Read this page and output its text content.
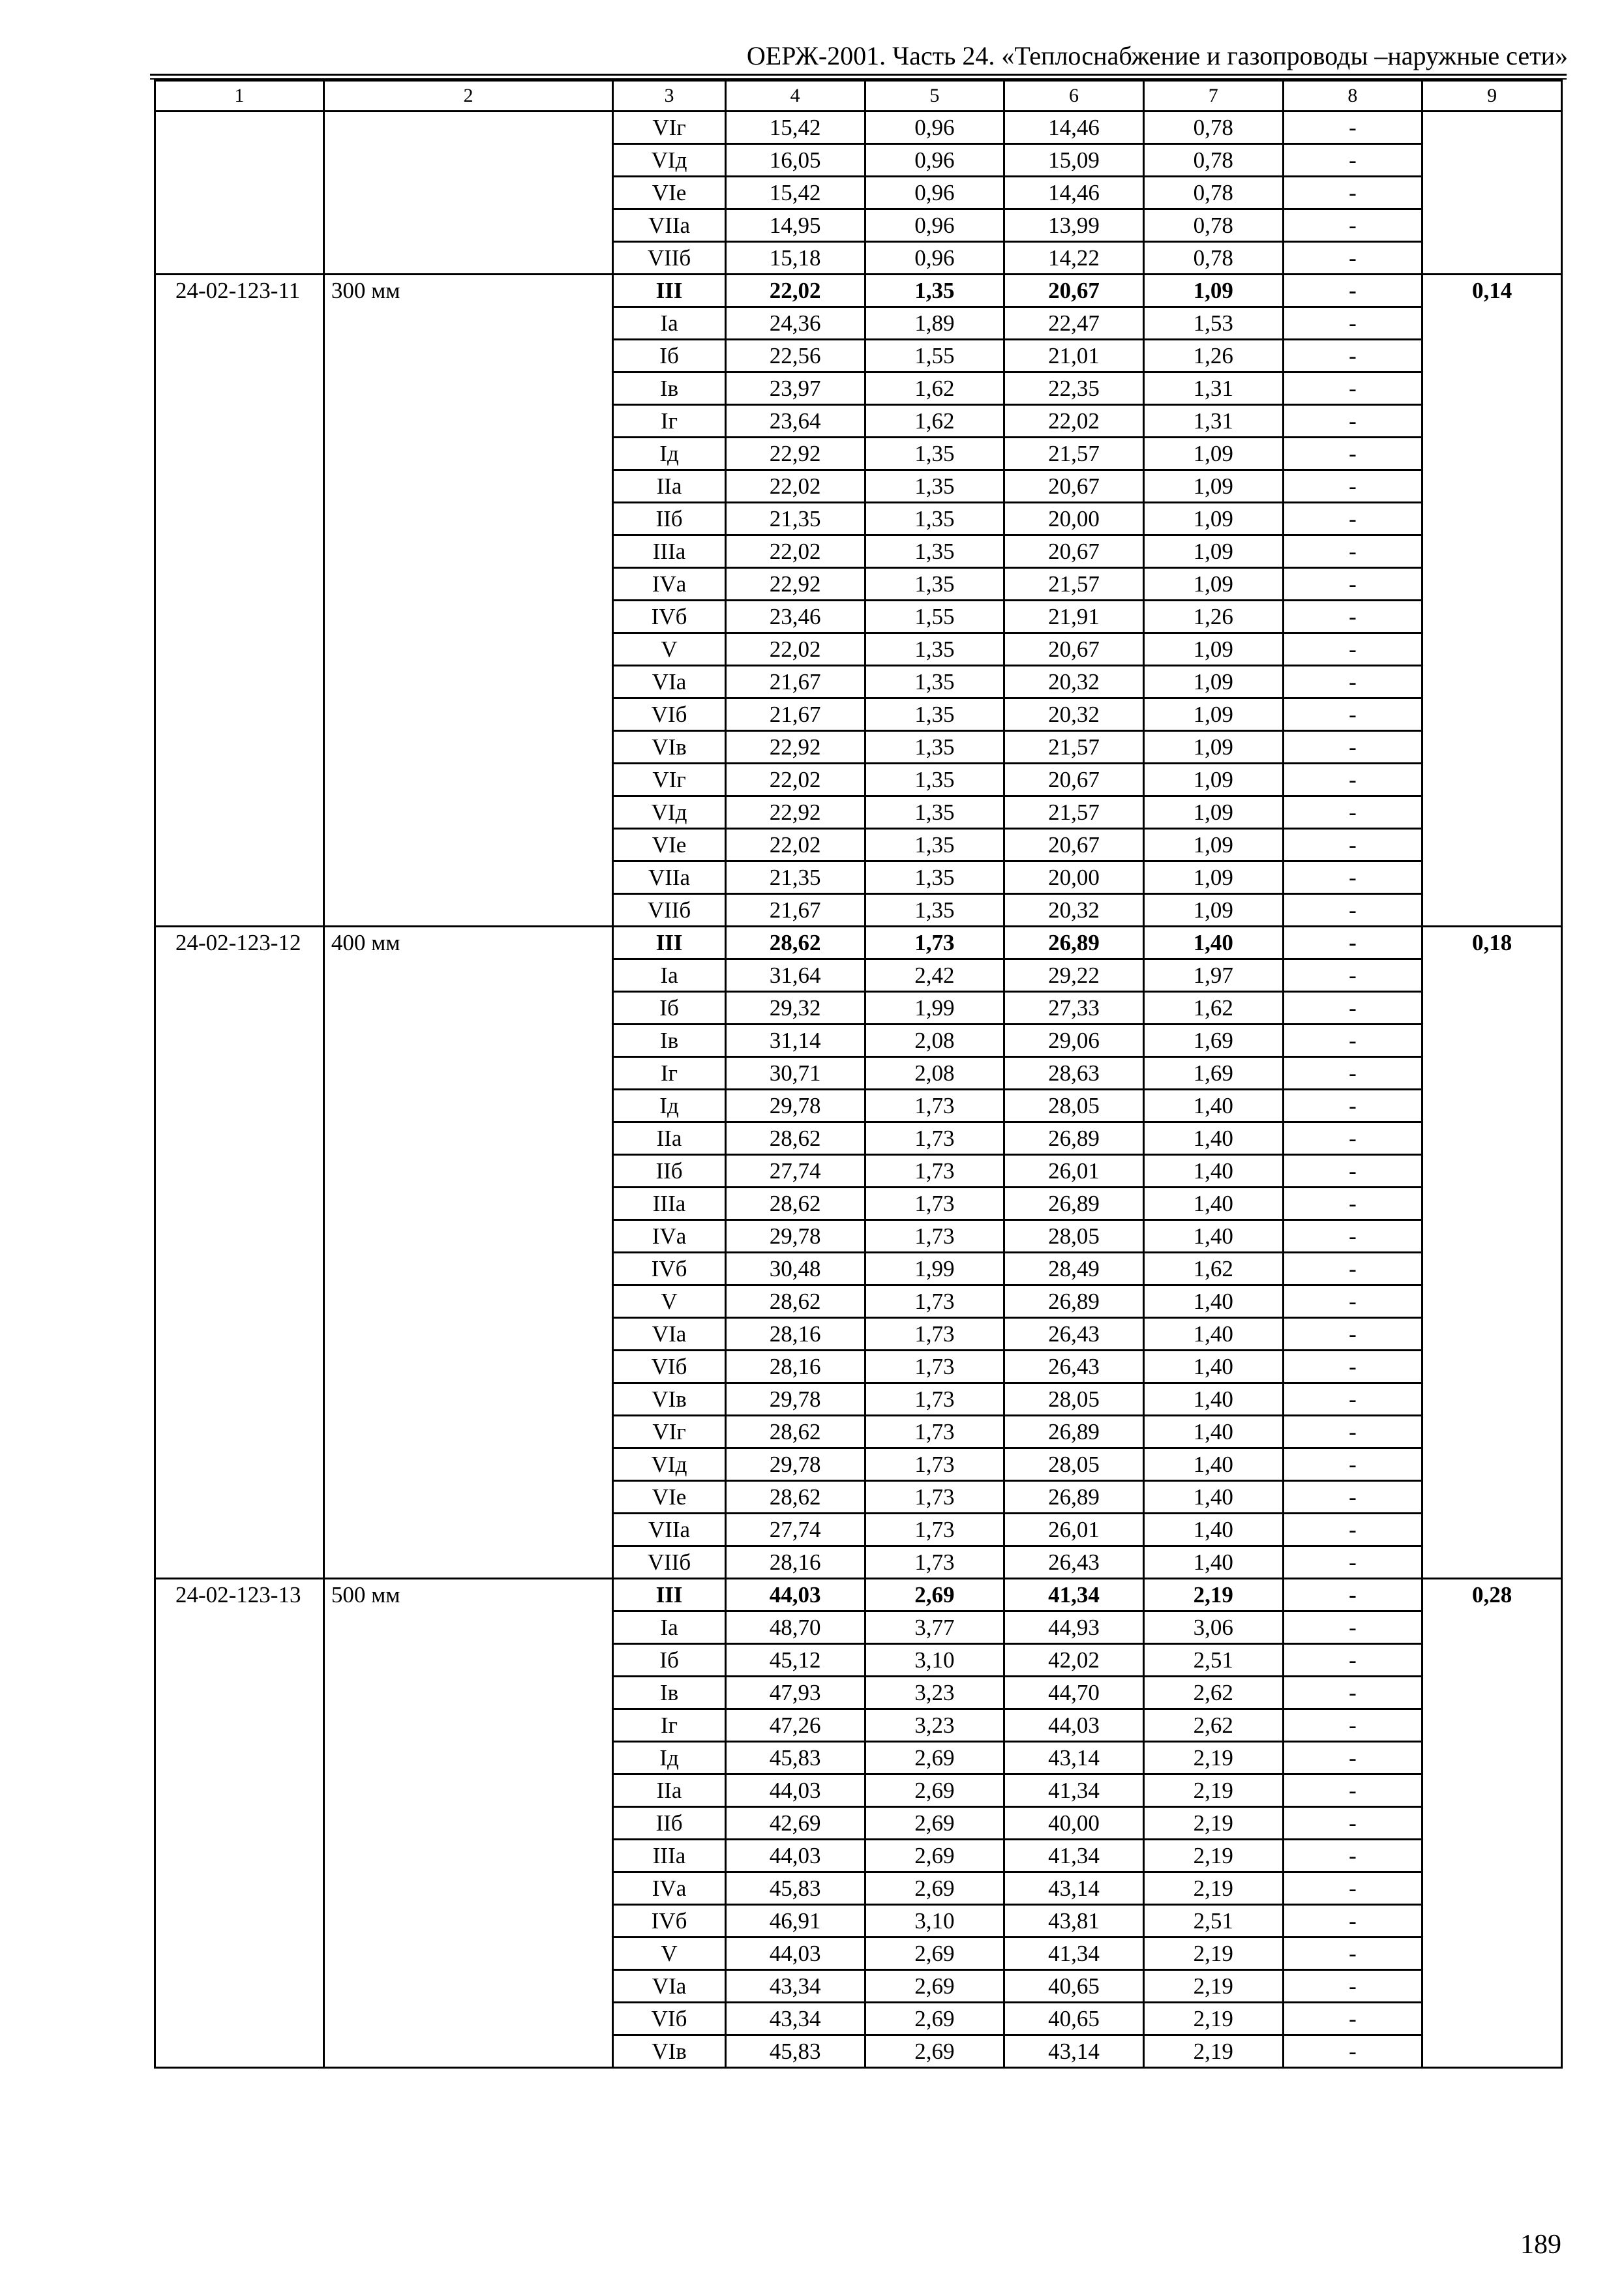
ОЕРЖ-2001. Часть 24. «Теплоснабжение и газопроводы –наружные сети»
1	2	3	4	5	6	7	8	9
		VIг	15,42	0,96	14,46	0,78	-	
		VIд	16,05	0,96	15,09	0,78	-	
		VIе	15,42	0,96	14,46	0,78	-	
		VIIа	14,95	0,96	13,99	0,78	-	
		VIIб	15,18	0,96	14,22	0,78	-	
24-02-123-11	300 мм	III	22,02	1,35	20,67	1,09	-	0,14
		Iа	24,36	1,89	22,47	1,53	-	
		Iб	22,56	1,55	21,01	1,26	-	
		Iв	23,97	1,62	22,35	1,31	-	
		Iг	23,64	1,62	22,02	1,31	-	
		Iд	22,92	1,35	21,57	1,09	-	
		IIа	22,02	1,35	20,67	1,09	-	
		IIб	21,35	1,35	20,00	1,09	-	
		IIIа	22,02	1,35	20,67	1,09	-	
		IVа	22,92	1,35	21,57	1,09	-	
		IVб	23,46	1,55	21,91	1,26	-	
		V	22,02	1,35	20,67	1,09	-	
		VIа	21,67	1,35	20,32	1,09	-	
		VIб	21,67	1,35	20,32	1,09	-	
		VIв	22,92	1,35	21,57	1,09	-	
		VIг	22,02	1,35	20,67	1,09	-	
		VIд	22,92	1,35	21,57	1,09	-	
		VIе	22,02	1,35	20,67	1,09	-	
		VIIа	21,35	1,35	20,00	1,09	-	
		VIIб	21,67	1,35	20,32	1,09	-	
24-02-123-12	400 мм	III	28,62	1,73	26,89	1,40	-	0,18
		Iа	31,64	2,42	29,22	1,97	-	
		Iб	29,32	1,99	27,33	1,62	-	
		Iв	31,14	2,08	29,06	1,69	-	
		Iг	30,71	2,08	28,63	1,69	-	
		Iд	29,78	1,73	28,05	1,40	-	
		IIа	28,62	1,73	26,89	1,40	-	
		IIб	27,74	1,73	26,01	1,40	-	
		IIIа	28,62	1,73	26,89	1,40	-	
		IVа	29,78	1,73	28,05	1,40	-	
		IVб	30,48	1,99	28,49	1,62	-	
		V	28,62	1,73	26,89	1,40	-	
		VIа	28,16	1,73	26,43	1,40	-	
		VIб	28,16	1,73	26,43	1,40	-	
		VIв	29,78	1,73	28,05	1,40	-	
		VIг	28,62	1,73	26,89	1,40	-	
		VIд	29,78	1,73	28,05	1,40	-	
		VIе	28,62	1,73	26,89	1,40	-	
		VIIа	27,74	1,73	26,01	1,40	-	
		VIIб	28,16	1,73	26,43	1,40	-	
24-02-123-13	500 мм	III	44,03	2,69	41,34	2,19	-	0,28
		Iа	48,70	3,77	44,93	3,06	-	
		Iб	45,12	3,10	42,02	2,51	-	
		Iв	47,93	3,23	44,70	2,62	-	
		Iг	47,26	3,23	44,03	2,62	-	
		Iд	45,83	2,69	43,14	2,19	-	
		IIа	44,03	2,69	41,34	2,19	-	
		IIб	42,69	2,69	40,00	2,19	-	
		IIIа	44,03	2,69	41,34	2,19	-	
		IVа	45,83	2,69	43,14	2,19	-	
		IVб	46,91	3,10	43,81	2,51	-	
		V	44,03	2,69	41,34	2,19	-	
		VIа	43,34	2,69	40,65	2,19	-	
		VIб	43,34	2,69	40,65	2,19	-	
		VIв	45,83	2,69	43,14	2,19	-	
189
